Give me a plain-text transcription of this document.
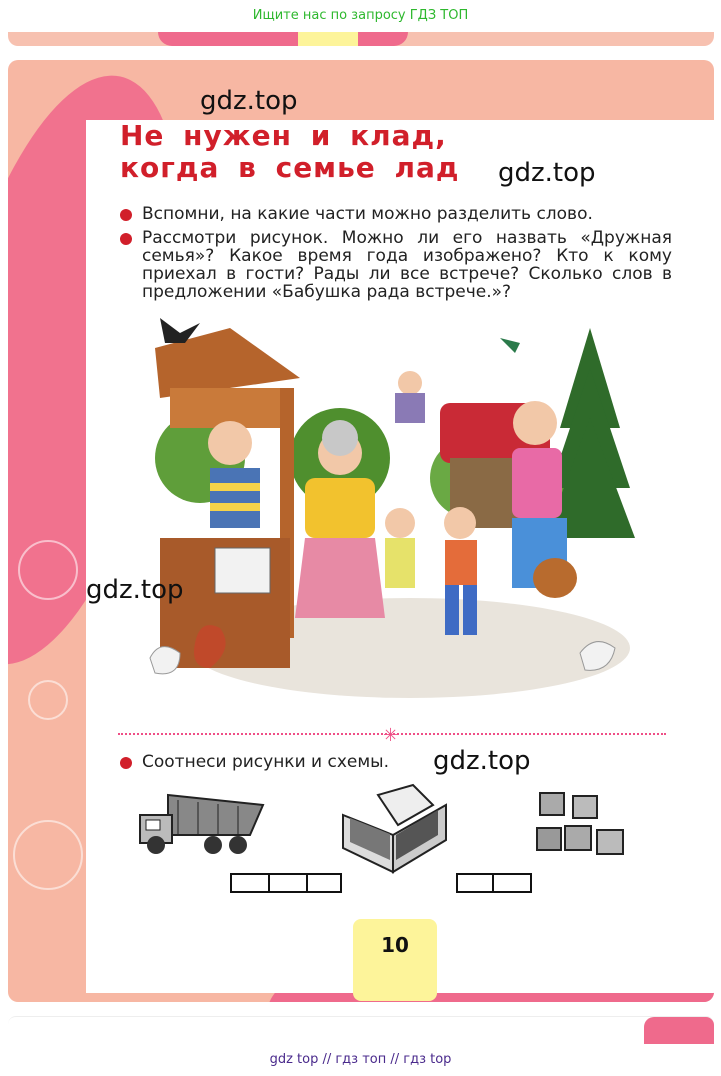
Ищите нас по запросу ГДЗ ТОП
gdz.top
Не нужен и клад,
когда в семье лад gdz.top
Вспомни, на какие части можно разделить слово.
Рассмотри рисунок. Можно ли его назвать «Дружная семья»? Какое время года изображено? Кто к кому приехал в гости? Рады ли все встрече? Сколько слов в предложении «Бабушка рада встрече.»?
gdz.top
✳
Соотнеси рисунки и схемы.	gdz.top
10
gdz top // гдз топ // гдз top
